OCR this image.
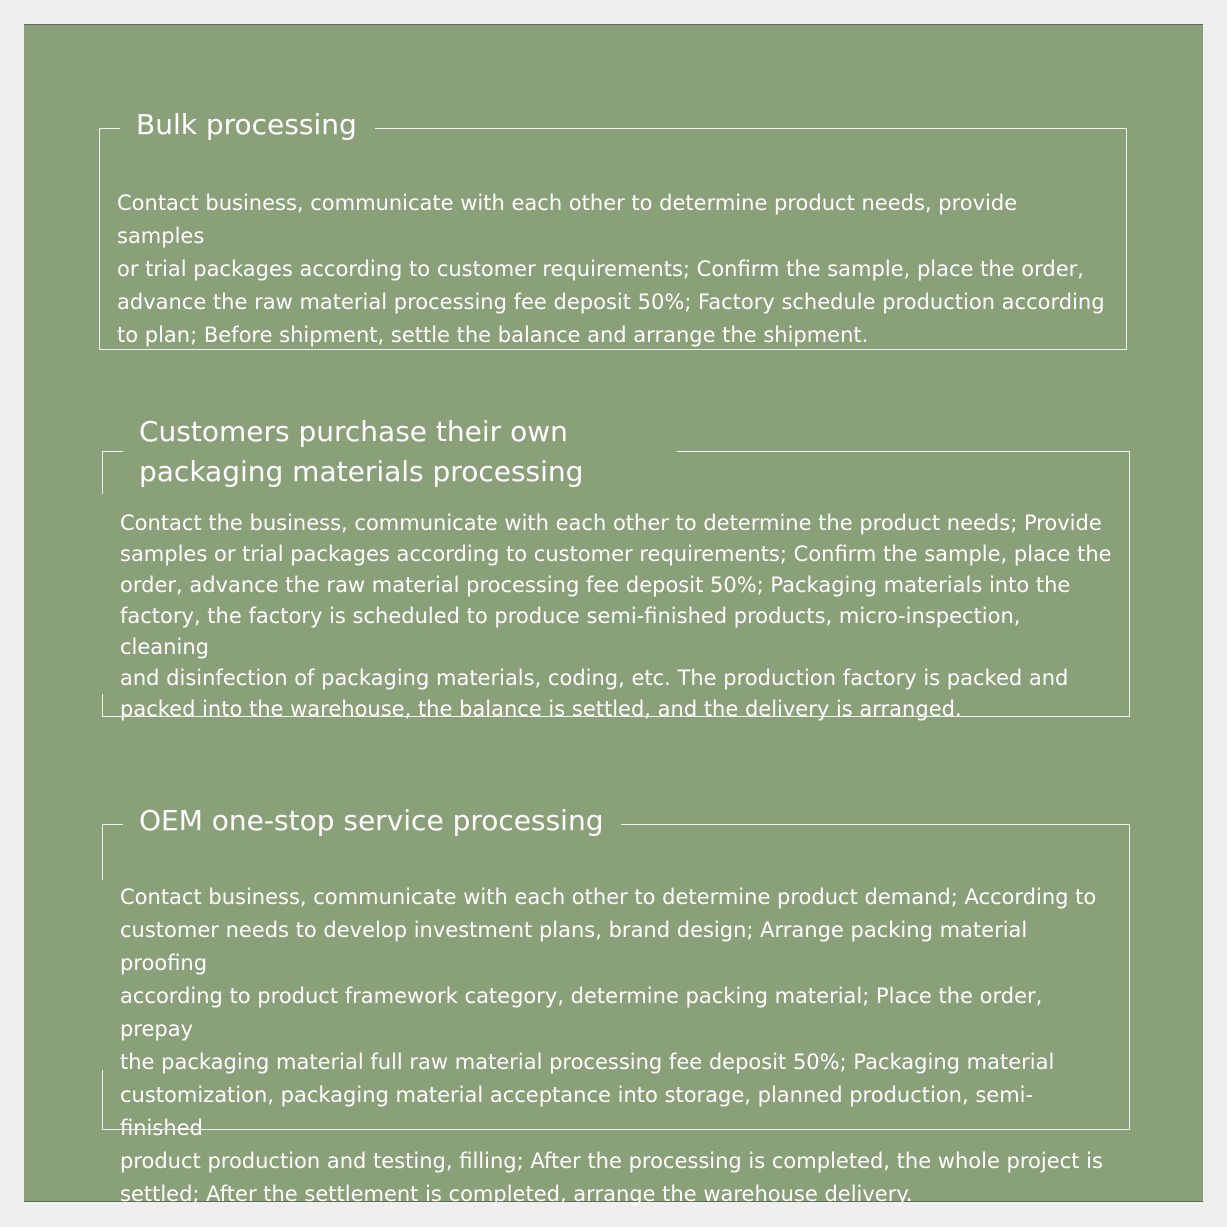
Bulk processing
Contact business, communicate with each other to determine product needs, provide samples
or trial packages according to customer requirements; Confirm the sample, place the order,
advance the raw material processing fee deposit 50%; Factory schedule production according
to plan; Before shipment, settle the balance and arrange the shipment.
Customers purchase their own
packaging materials processing
Contact the business, communicate with each other to determine the product needs; Provide
samples or trial packages according to customer requirements; Confirm the sample, place the
order, advance the raw material processing fee deposit 50%; Packaging materials into the
factory, the factory is scheduled to produce semi-finished products, micro-inspection, cleaning
and disinfection of packaging materials, coding, etc. The production factory is packed and
packed into the warehouse, the balance is settled, and the delivery is arranged.
OEM one-stop service processing
Contact business, communicate with each other to determine product demand; According to
customer needs to develop investment plans, brand design; Arrange packing material proofing
according to product framework category, determine packing material; Place the order, prepay
the packaging material full raw material processing fee deposit 50%; Packaging material
customization, packaging material acceptance into storage, planned production, semi-finished
product production and testing, filling; After the processing is completed, the whole project is
settled; After the settlement is completed, arrange the warehouse delivery.
